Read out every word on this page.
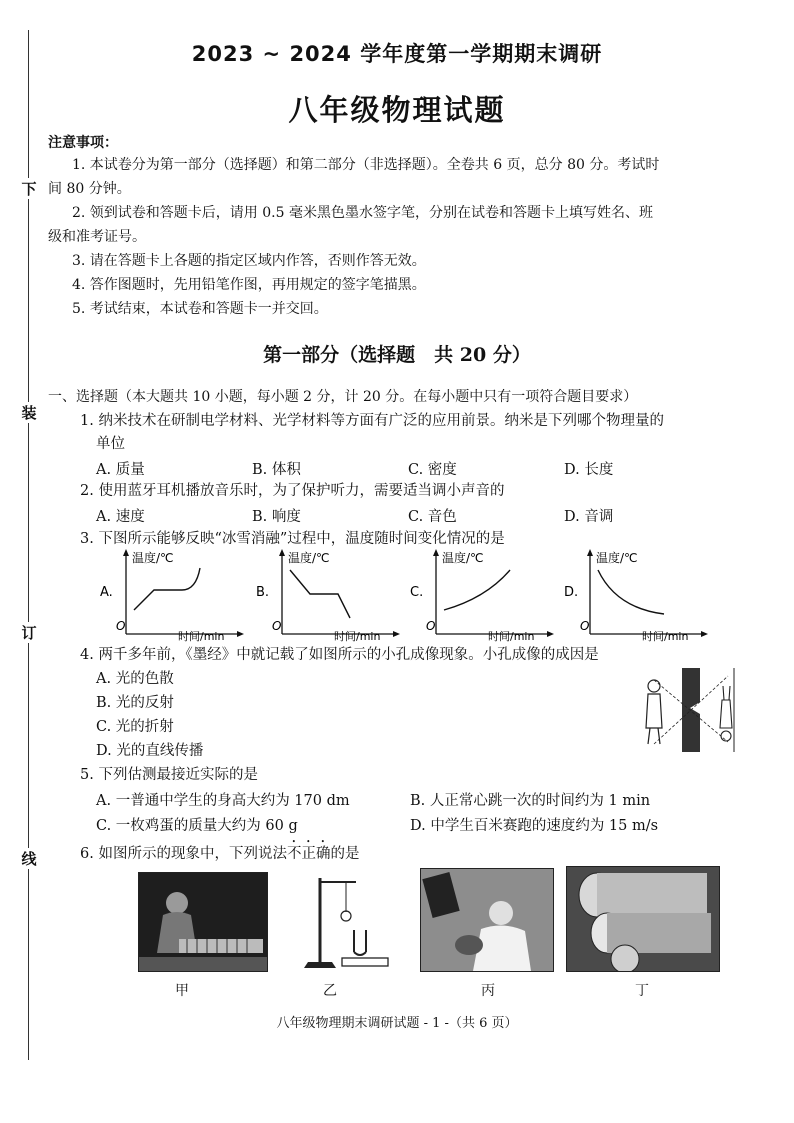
下
装
订
线
2023 ~ 2024 学年度第一学期期末调研
八年级物理试题
注意事项：
1. 本试卷分为第一部分（选择题）和第二部分（非选择题）。全卷共 6 页，总分 80 分。考试时
间 80 分钟。
2. 领到试卷和答题卡后，请用 0.5 毫米黑色墨水签字笔，分别在试卷和答题卡上填写姓名、班
级和准考证号。
3. 请在答题卡上各题的指定区域内作答，否则作答无效。
4. 答作图题时，先用铅笔作图，再用规定的签字笔描黑。
5. 考试结束，本试卷和答题卡一并交回。
第一部分（选择题　共 20 分）
一、选择题（本大题共 10 小题，每小题 2 分，计 20 分。在每小题中只有一项符合题目要求）
1. 纳米技术在研制电学材料、光学材料等方面有广泛的应用前景。纳米是下列哪个物理量的
单位
A. 质量	B. 体积	C. 密度	D. 长度
2. 使用蓝牙耳机播放音乐时，为了保护听力，需要适当调小声音的
A. 速度	B. 响度	C. 音色	D. 音调
3. 下图所示能够反映“冰雪消融”过程中，温度随时间变化情况的是
A.
温度/℃
时间/min
O
B.
温度/℃
时间/min
O
C.
温度/℃
时间/min
O
D.
温度/℃
时间/min
O
4. 两千多年前，《墨经》中就记载了如图所示的小孔成像现象。小孔成像的成因是
A. 光的色散
B. 光的反射
C. 光的折射
D. 光的直线传播
5. 下列估测最接近实际的是
A. 一普通中学生的身高大约为 170 dm	B. 人正常心跳一次的时间约为 1 min
C. 一枚鸡蛋的质量大约为 60 g	D. 中学生百米赛跑的速度约为 15 m/s
6. 如图所示的现象中，下列说法不正确的是
甲	乙	丙	丁
八年级物理期末调研试题 - 1 -（共 6 页）
